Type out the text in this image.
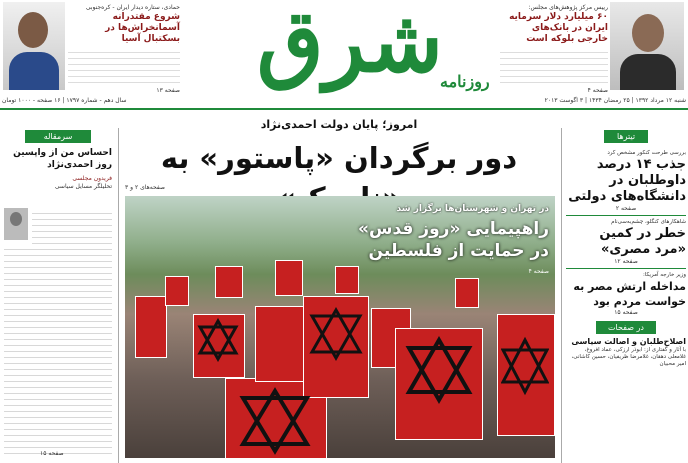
رییس مرکز پژوهش‌های مجلس:
۶۰ میلیارد دلار سرمایه ایران در بانک‌های خارجی بلوکه است
صفحه ۴
حمادی، ستاره دیدار ایران - کره‌جنوبی
شروع مقتدرانه آسمانخراش‌ها در بسکتبال آسیا
صفحه ۱۳ شرق
روزنامه
شنبه ۱۲ مرداد ۱۳۹۲ | ۲۵ رمضان ۱۴۳۴ | ۳ اگوست ۲۰۱۳
سال دهم - شماره ۱۷۹۷ | ۱۶ صفحه - ۱۰۰۰ تومان
سرمقاله
احساس من از واپسین روز احمدی‌نژاد
فریدون مجلسی
تحلیلگر مسایل سیاسی
صفحه ۱۵
امروز؛ پایان دولت احمدی‌نژاد
دور برگردان «پاستور» به
صفحه‌های ۲ و ۳
در تهران و شهرستان‌ها برگزار شد
راهپیمایی «روز قدس» در حمایت از فلسطین
صفحه ۴
تیترها
بررسی طرحت کنکور مشخص کرد
جذب ۱۴ درصد داوطلبان در دانشگاه‌های دولتی
صفحه ۲
شاهکارهای کنگلو، چشم‌به‌سی‌نام
خطر در کمین «مرد مصری»
صفحه ۱۲
وزیر خارجه آمریکا:
مداخله ارتش مصر به خواست مردم بود
صفحه ۱۵
در صفحات
اصلاح‌طلبان و اصالت سیاسی
با آثار و گفتاری از: ابوذر ارزکی، عماد افروغ، غلامعلی دهقان، غلامرضا ظریفیان، حسین کاشانی، امیر محبیان
